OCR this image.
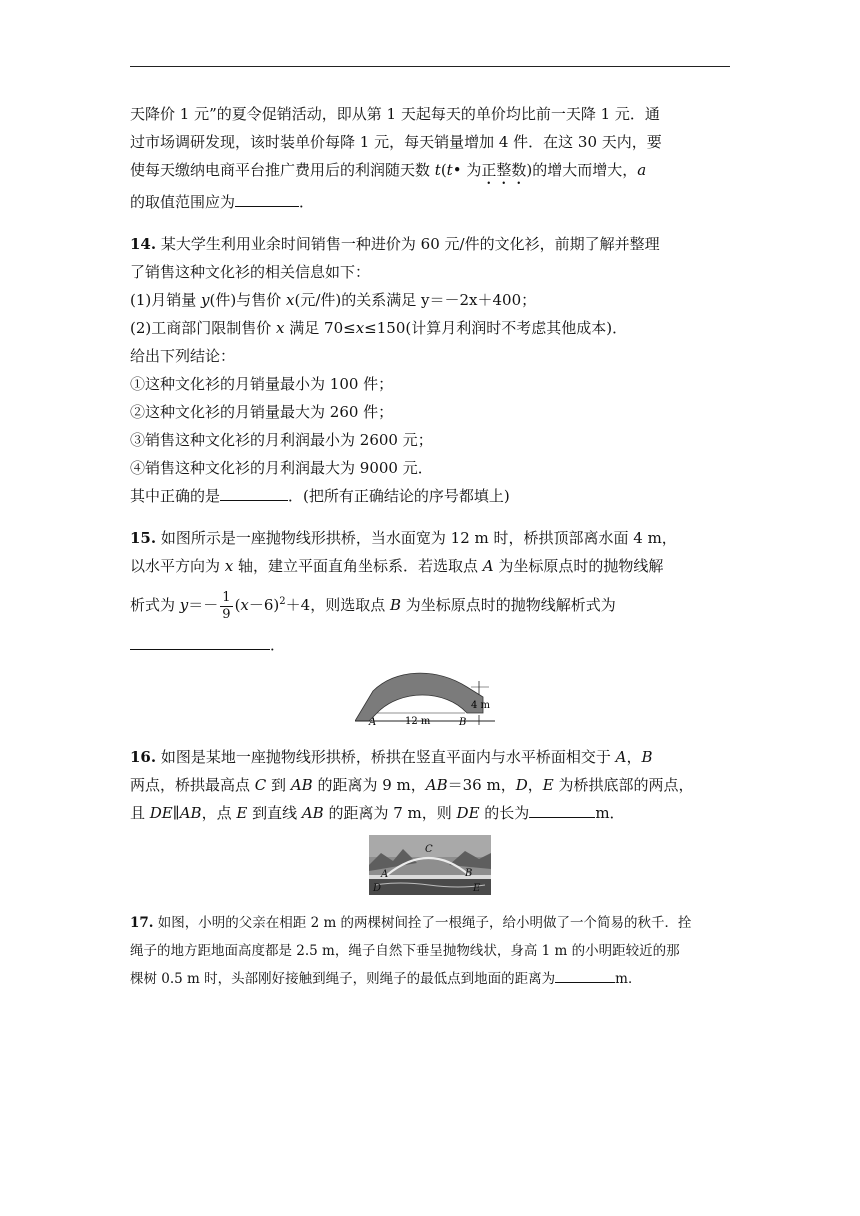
天降价 1 元”的夏令促销活动，即从第 1 天起每天的单价均比前一天降 1 元．通

过市场调研发现，该时装单价每降 1 元，每天销量增加 4 件．在这 30 天内，要

使每天缴纳电商平台推广费用后的利润随天数 t(t• 为正整数)的增大而增大，a

的取值范围应为	．

14. 某大学生利用业余时间销售一种进价为 60 元/件的文化衫，前期了解并整理

了销售这种文化衫的相关信息如下：

(1)月销量 y(件)与售价 x(元/件)的关系满足 y＝－2x＋400；

(2)工商部门限制售价 x 满足 70≤x≤150(计算月利润时不考虑其他成本)．

给出下列结论：

①这种文化衫的月销量最小为 100 件；

②这种文化衫的月销量最大为 260 件；

③销售这种文化衫的月利润最小为 2600 元；

④销售这种文化衫的月利润最大为 9000 元．

其中正确的是	．(把所有正确结论的序号都填上)

15. 如图所示是一座抛物线形拱桥，当水面宽为 12 m 时，桥拱顶部离水面 4 m，

以水平方向为 x 轴，建立平面直角坐标系．若选取点 A 为坐标原点时的抛物线解

析式为 $y=- \frac{1}{9} (x-6)^2+4$，则选取点 B 为坐标原点时的抛物线解析式为

．

4 m
A	B
12 m

16. 如图是某地一座抛物线形拱桥，桥拱在竖直平面内与水平桥面相交于 A，B

两点，桥拱最高点 C 到 AB 的距离为 9 m，AB＝36 m，D，E 为桥拱底部的两点，

且 DE∥AB，点 E 到直线 AB 的距离为 7 m，则 DE 的长为	m．

C
A	B
D	E

17. 如图，小明的父亲在相距 2 m 的两棵树间拴了一根绳子，给小明做了一个简易的秋千．拴

绳子的地方距地面高度都是 2.5 m，绳子自然下垂呈抛物线状，身高 1 m 的小明距较近的那

棵树 0.5 m 时，头部刚好接触到绳子，则绳子的最低点到地面的距离为	m．
